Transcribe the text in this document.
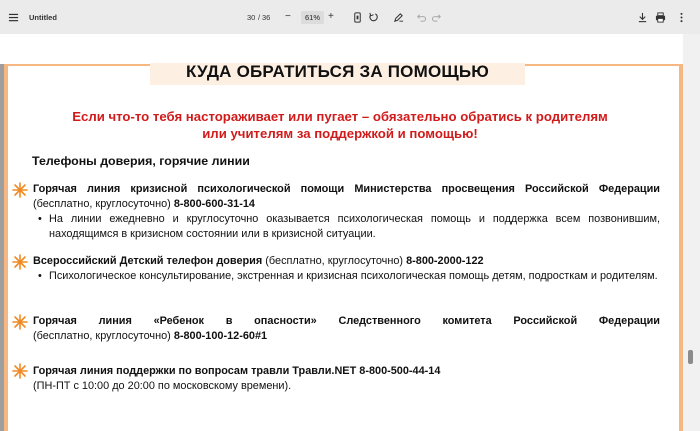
Untitled	30 / 36 −	61% +
КУДА ОБРАТИТЬСЯ ЗА ПОМОЩЬЮ
Если что-то тебя настораживает или пугает – обязательно обратись к родителям
или учителям за поддержкой и помощью!
Телефоны доверия, горячие линии
Горячая линия кризисной психологической помощи Министерства просвещения Российской Федерации
(бесплатно, круглосуточно) 8-800-600-31-14
• На линии ежедневно и круглосуточно оказывается психологическая помощь и поддержка всем позвонившим, находящимся в кризисном состоянии или в кризисной ситуации.
Всероссийский Детский телефон доверия (бесплатно, круглосуточно) 8-800-2000-122
• Психологическое консультирование, экстренная и кризисная психологическая помощь детям, подросткам и родителям.
Горячая линия «Ребенок в опасности» Следственного комитета Российской Федерации
(бесплатно, круглосуточно) 8-800-100-12-60#1
Горячая линия поддержки по вопросам травли Травли.NET 8-800-500-44-14
(ПН-ПТ с 10:00 до 20:00 по московскому времени).
